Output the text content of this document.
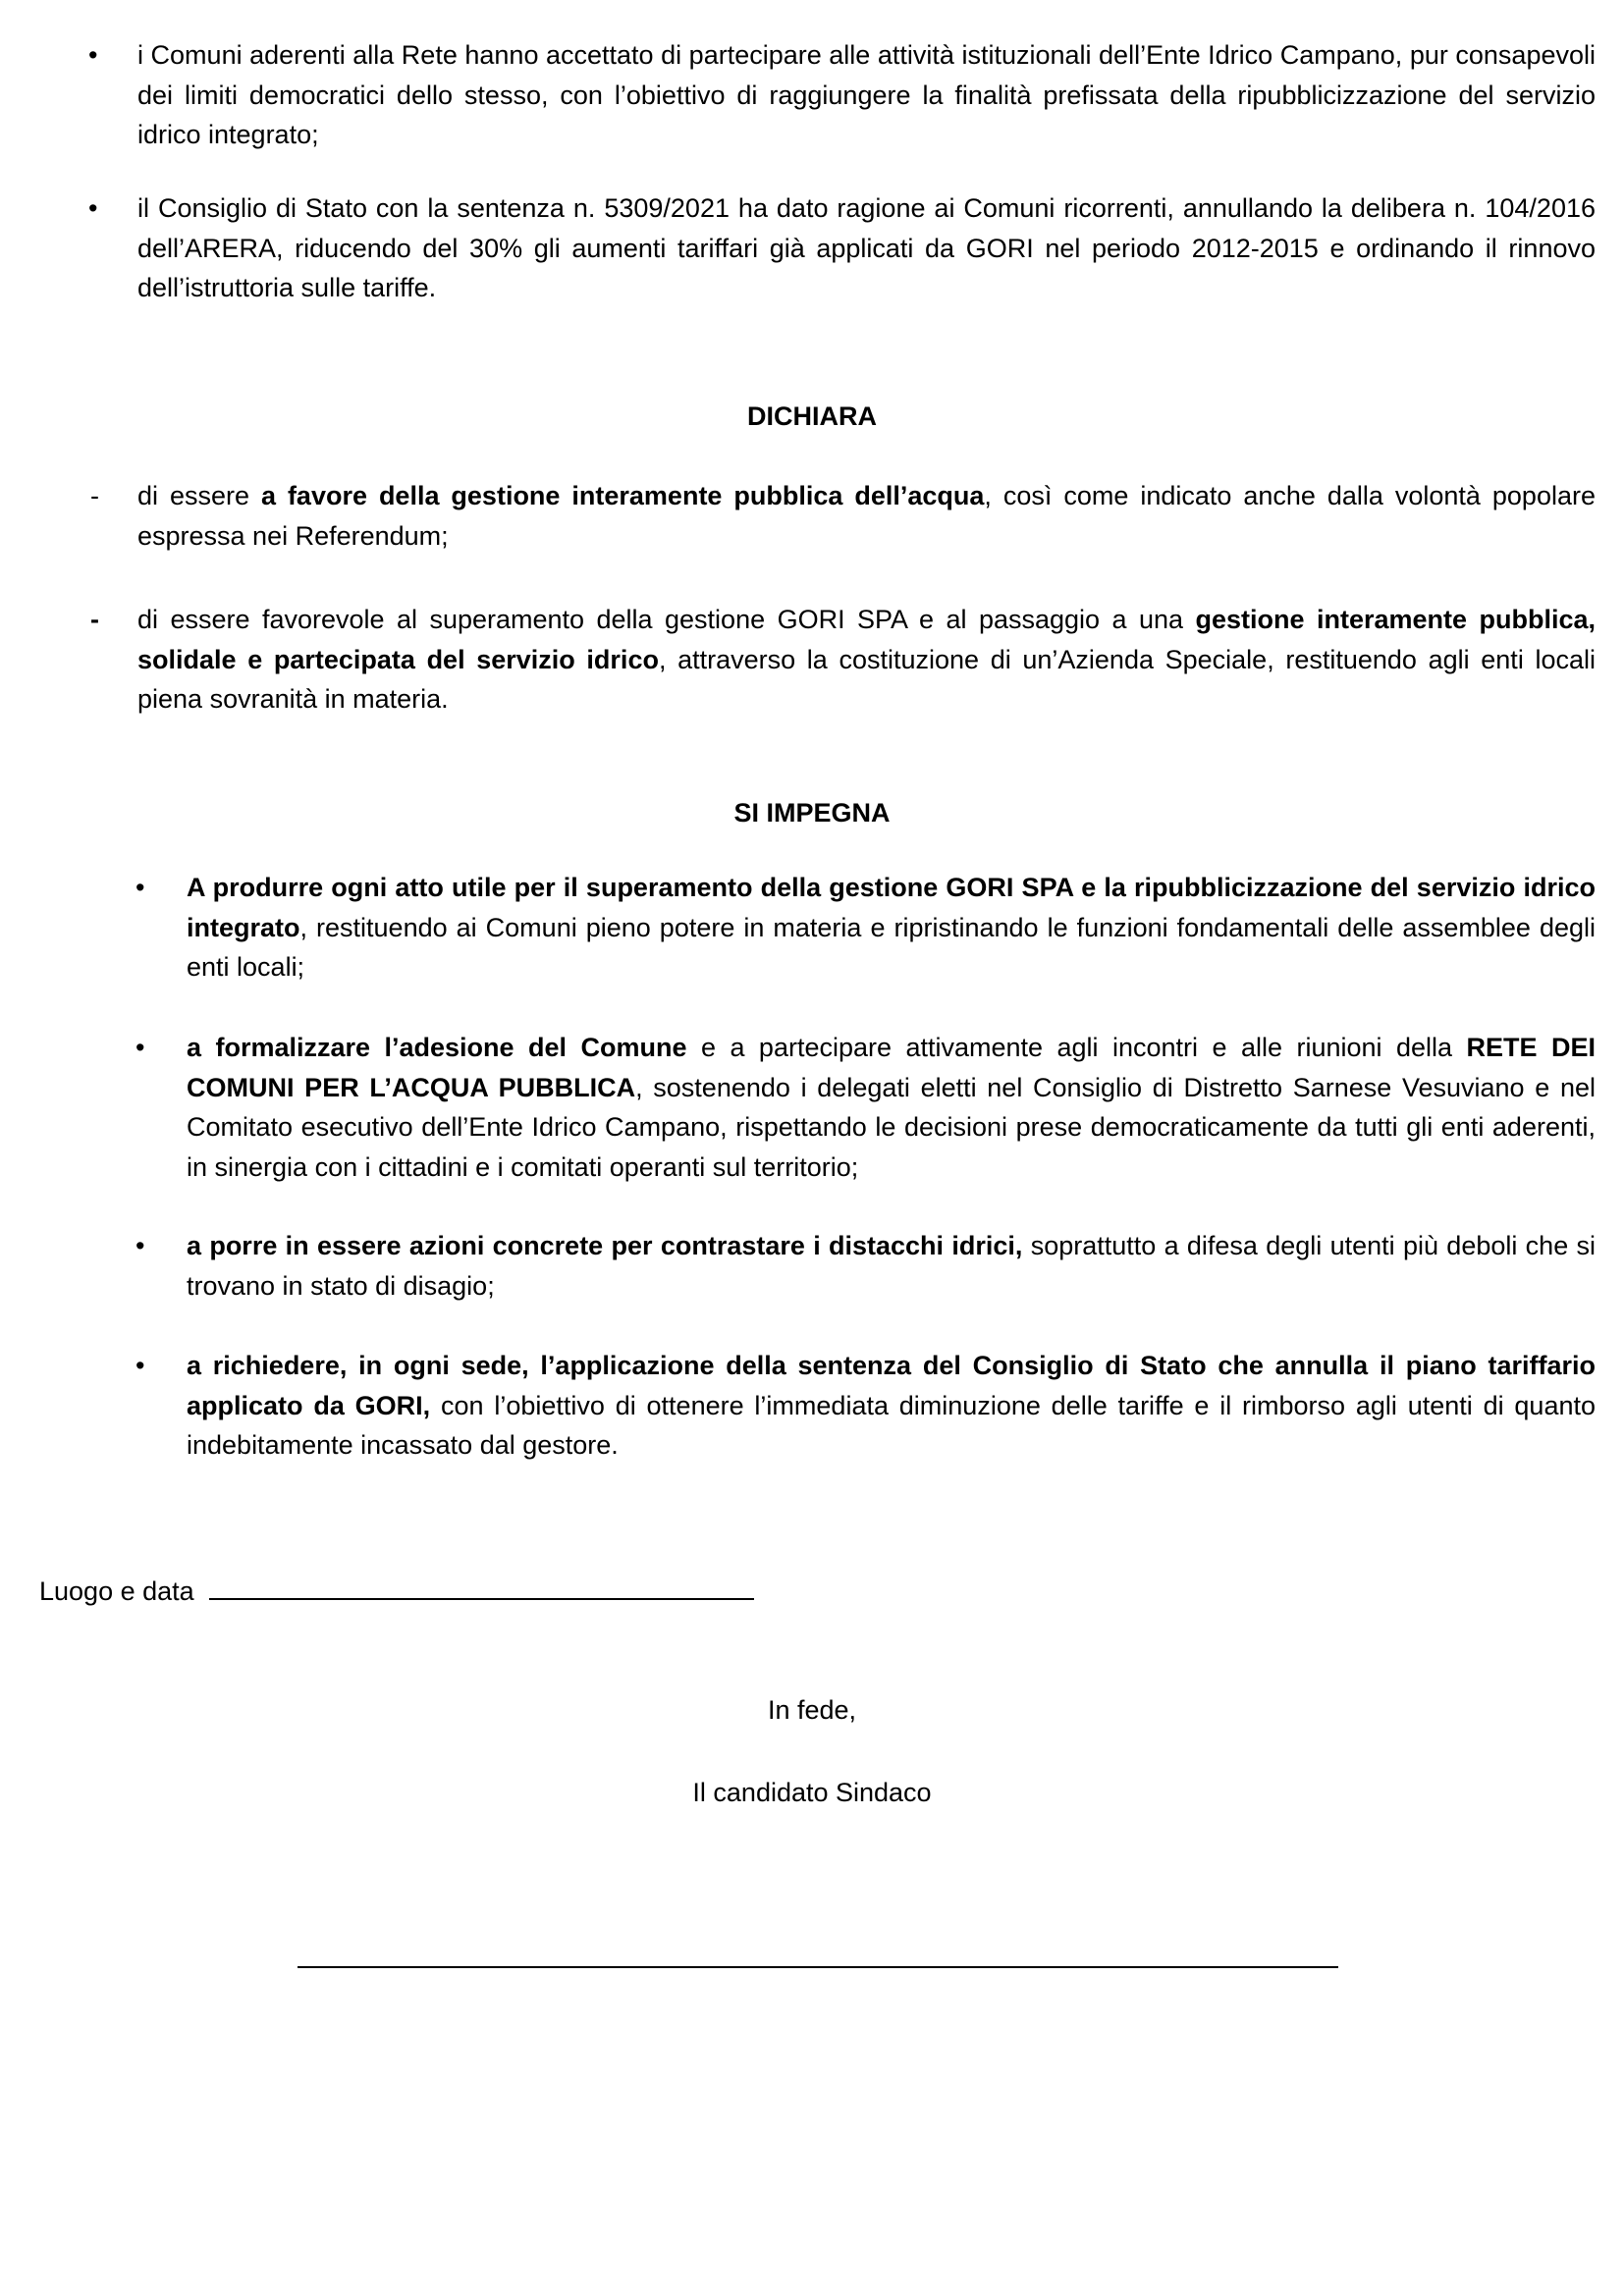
• i Comuni aderenti alla Rete hanno accettato di partecipare alle attività istituzionali dell’Ente Idrico Campano, pur consapevoli dei limiti democratici dello stesso, con l’obiettivo di raggiungere la finalità prefissata della ripubblicizzazione del servizio idrico integrato;

• il Consiglio di Stato con la sentenza n. 5309/2021 ha dato ragione ai Comuni ricorrenti, annullando la delibera n. 104/2016 dell’ARERA, riducendo del 30% gli aumenti tariffari già applicati da GORI nel periodo 2012-2015 e ordinando il rinnovo dell’istruttoria sulle tariffe.

DICHIARA
- di essere a favore della gestione interamente pubblica dell’acqua, così come indicato anche dalla volontà popolare espressa nei Referendum;

- di essere favorevole al superamento della gestione GORI SPA e al passaggio a una gestione interamente pubblica, solidale e partecipata del servizio idrico, attraverso la costituzione di un’Azienda Speciale, restituendo agli enti locali piena sovranità in materia.

SI IMPEGNA
• A produrre ogni atto utile per il superamento della gestione GORI SPA e la ripubblicizzazione del servizio idrico integrato, restituendo ai Comuni pieno potere in materia e ripristinando le funzioni fondamentali delle assemblee degli enti locali;

• a formalizzare l’adesione del Comune e a partecipare attivamente agli incontri e alle riunioni della RETE DEI COMUNI PER L’ACQUA PUBBLICA, sostenendo i delegati eletti nel Consiglio di Distretto Sarnese Vesuviano e nel Comitato esecutivo dell’Ente Idrico Campano, rispettando le decisioni prese democraticamente da tutti gli enti aderenti, in sinergia con i cittadini e i comitati operanti sul territorio;

• a porre in essere azioni concrete per contrastare i distacchi idrici, soprattutto a difesa degli utenti più deboli che si trovano in stato di disagio;

• a richiedere, in ogni sede, l’applicazione della sentenza del Consiglio di Stato che annulla il piano tariffario applicato da GORI, con l’obiettivo di ottenere l’immediata diminuzione delle tariffe e il rimborso agli utenti di quanto indebitamente incassato dal gestore.

Luogo e data
In fede,
Il candidato Sindaco
